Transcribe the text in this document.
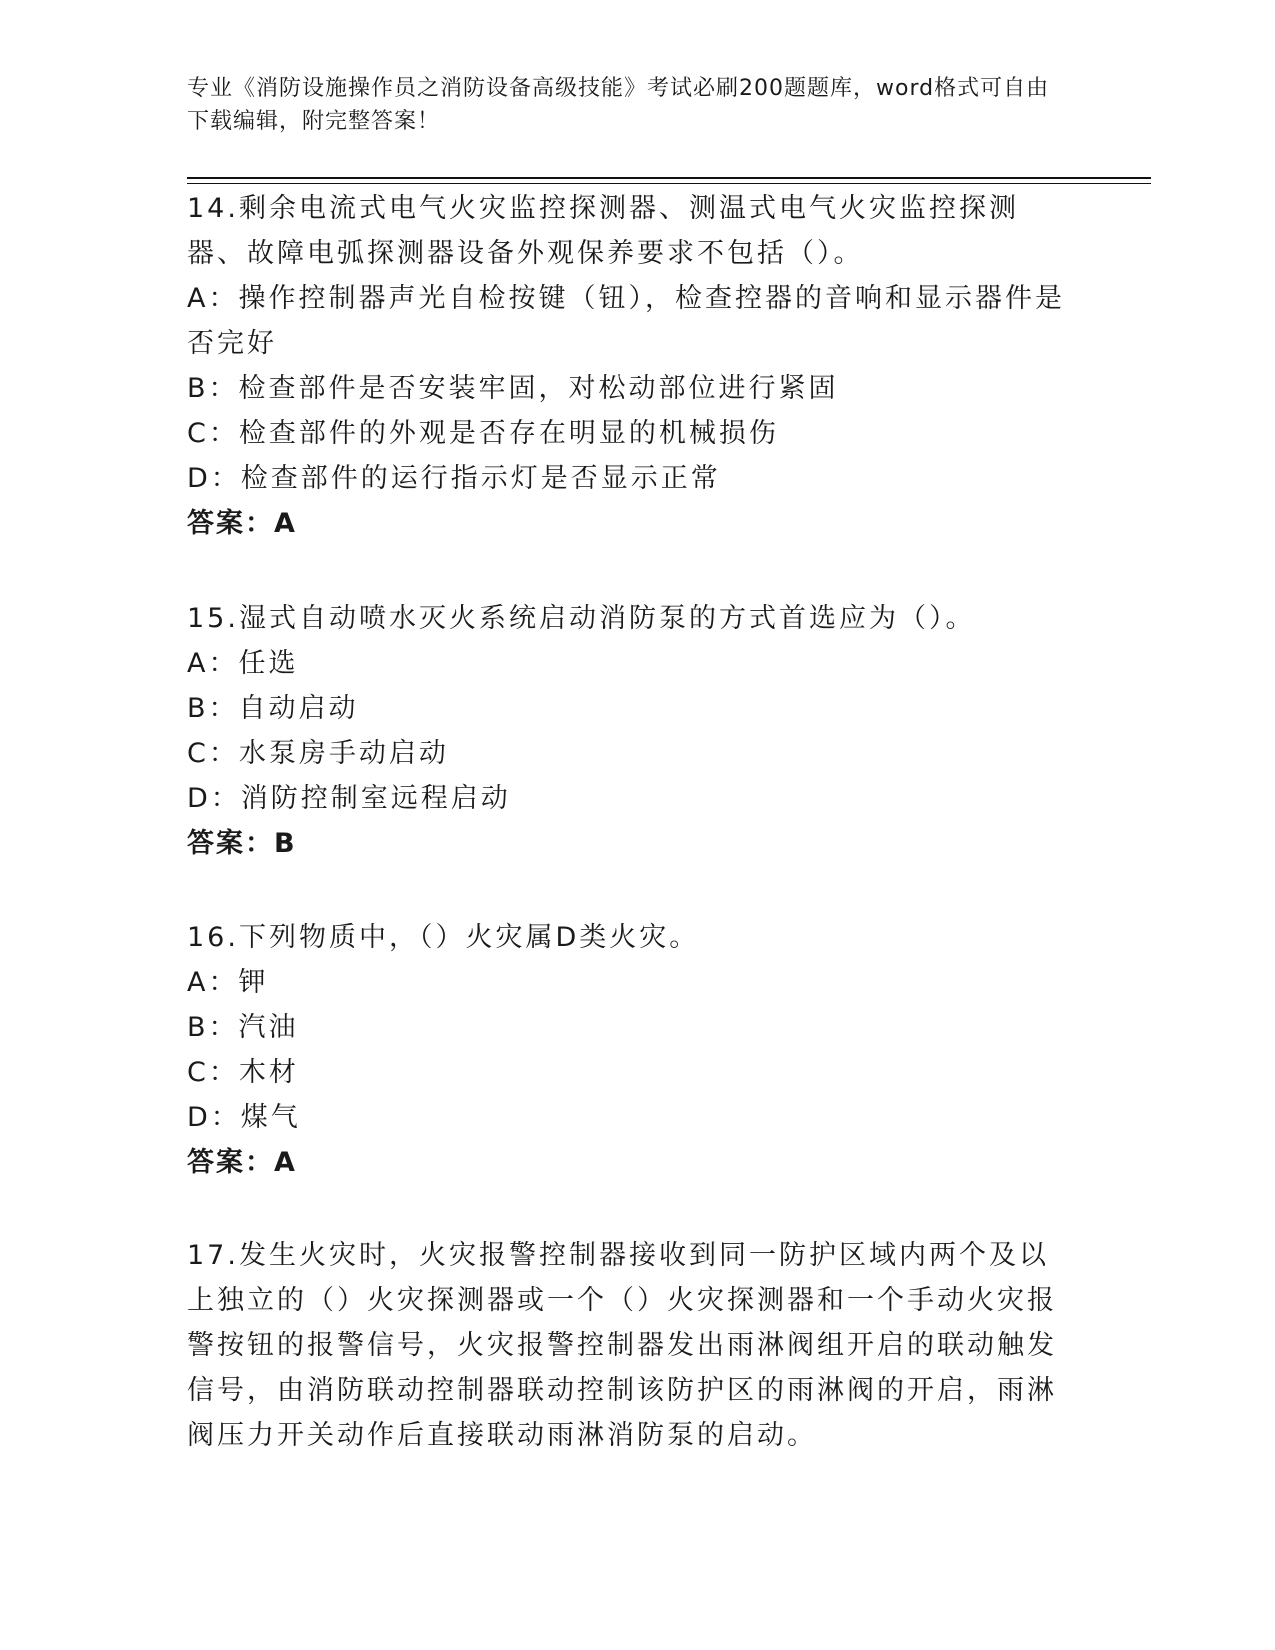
专业《消防设施操作员之消防设备高级技能》考试必刷200题题库，word格式可自由下载编辑，附完整答案！

14.剩余电流式电气火灾监控探测器、测温式电气火灾监控探测器、故障电弧探测器设备外观保养要求不包括（）。

A：操作控制器声光自检按键（钮），检查控器的音响和显示器件是否完好

B：检查部件是否安装牢固，对松动部位进行紧固

C：检查部件的外观是否存在明显的机械损伤

D：检查部件的运行指示灯是否显示正常

答案：A

15.湿式自动喷水灭火系统启动消防泵的方式首选应为（）。

A：任选

B：自动启动

C：水泵房手动启动

D：消防控制室远程启动

答案：B

16.下列物质中，（）火灾属D类火灾。

A：钾

B：汽油

C：木材

D：煤气

答案：A

17.发生火灾时，火灾报警控制器接收到同一防护区域内两个及以上独立的（）火灾探测器或一个（）火灾探测器和一个手动火灾报警按钮的报警信号，火灾报警控制器发出雨淋阀组开启的联动触发信号，由消防联动控制器联动控制该防护区的雨淋阀的开启，雨淋阀压力开关动作后直接联动雨淋消防泵的启动。
